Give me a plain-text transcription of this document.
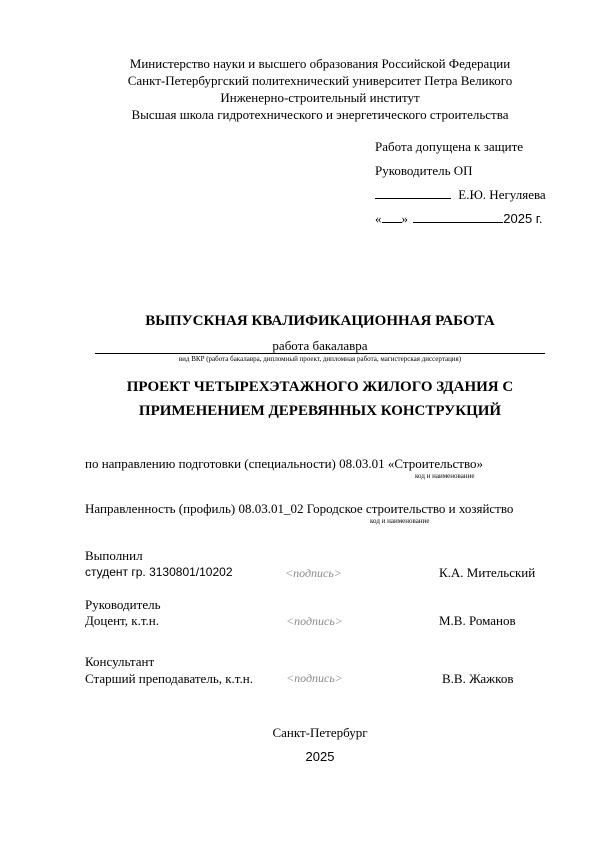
Министерство науки и высшего образования Российской Федерации
Санкт-Петербургский политехнический университет Петра Великого
Инженерно-строительный институт
Высшая школа гидротехнического и энергетического строительства
Работа допущена к защите
Руководитель ОП
Е.Ю. Негуляева
« »	2025 г.
ВЫПУСКНАЯ КВАЛИФИКАЦИОННАЯ РАБОТА
работа бакалавра
вид ВКР (работа бакалавра, дипломный проект, дипломная работа, магистерская диссертация)
ПРОЕКТ ЧЕТЫРЕХЭТАЖНОГО ЖИЛОГО ЗДАНИЯ С
ПРИМЕНЕНИЕМ ДЕРЕВЯННЫХ КОНСТРУКЦИЙ
по направлению подготовки (специальности) 08.03.01 «Строительство»
код и наименование
Направленность (профиль) 08.03.01_02 Городское строительство и хозяйство
код и наименование
Выполнил
студент гр. 3130801/10202	<подпись>	К.А. Мительский
Руководитель
Доцент, к.т.н.	<подпись>	М.В. Романов
Консультант
Старший преподаватель, к.т.н.	<подпись>	В.В. Жажков
Санкт-Петербург
2025
